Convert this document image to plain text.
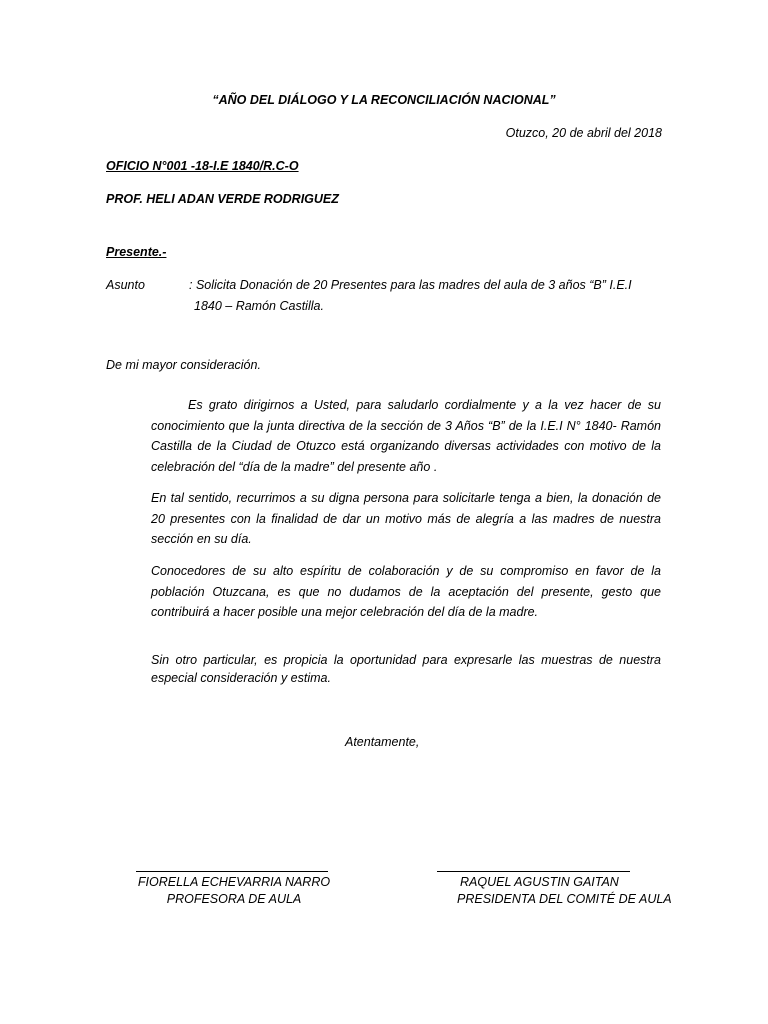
“AÑO DEL DIÁLOGO Y LA RECONCILIACIÓN NACIONAL”
Otuzco, 20 de abril del 2018
OFICIO N°001 -18-I.E 1840/R.C-O
PROF. HELI ADAN VERDE RODRIGUEZ
Presente.-
Asunto	: Solicita Donación de 20 Presentes para las madres del aula de 3 años “B” I.E.I
1840 – Ramón Castilla.
De mi mayor consideración.
Es grato dirigirnos a Usted, para saludarlo cordialmente y a la vez hacer de su
conocimiento que la junta directiva de la sección de 3 Años “B” de la I.E.I N° 1840- Ramón
Castilla de la Ciudad de Otuzco está organizando diversas actividades con motivo de la
celebración del “día de la madre” del presente año .
En tal sentido, recurrimos a su digna persona para solicitarle tenga a bien, la donación de
20 presentes con la finalidad de dar un motivo más de alegría a las madres de nuestra
sección en su día.
Conocedores de su alto espíritu de colaboración y de su compromiso en favor de la
población Otuzcana, es que no dudamos de la aceptación del presente, gesto que
contribuirá a hacer posible una mejor celebración del día de la madre.
Sin otro particular, es propicia la oportunidad para expresarle las muestras de nuestra
especial consideración y estima.
Atentamente,
FIORELLA ECHEVARRIA NARRO
PROFESORA DE AULA
RAQUEL AGUSTIN GAITAN
PRESIDENTA DEL COMITÉ DE AULA
